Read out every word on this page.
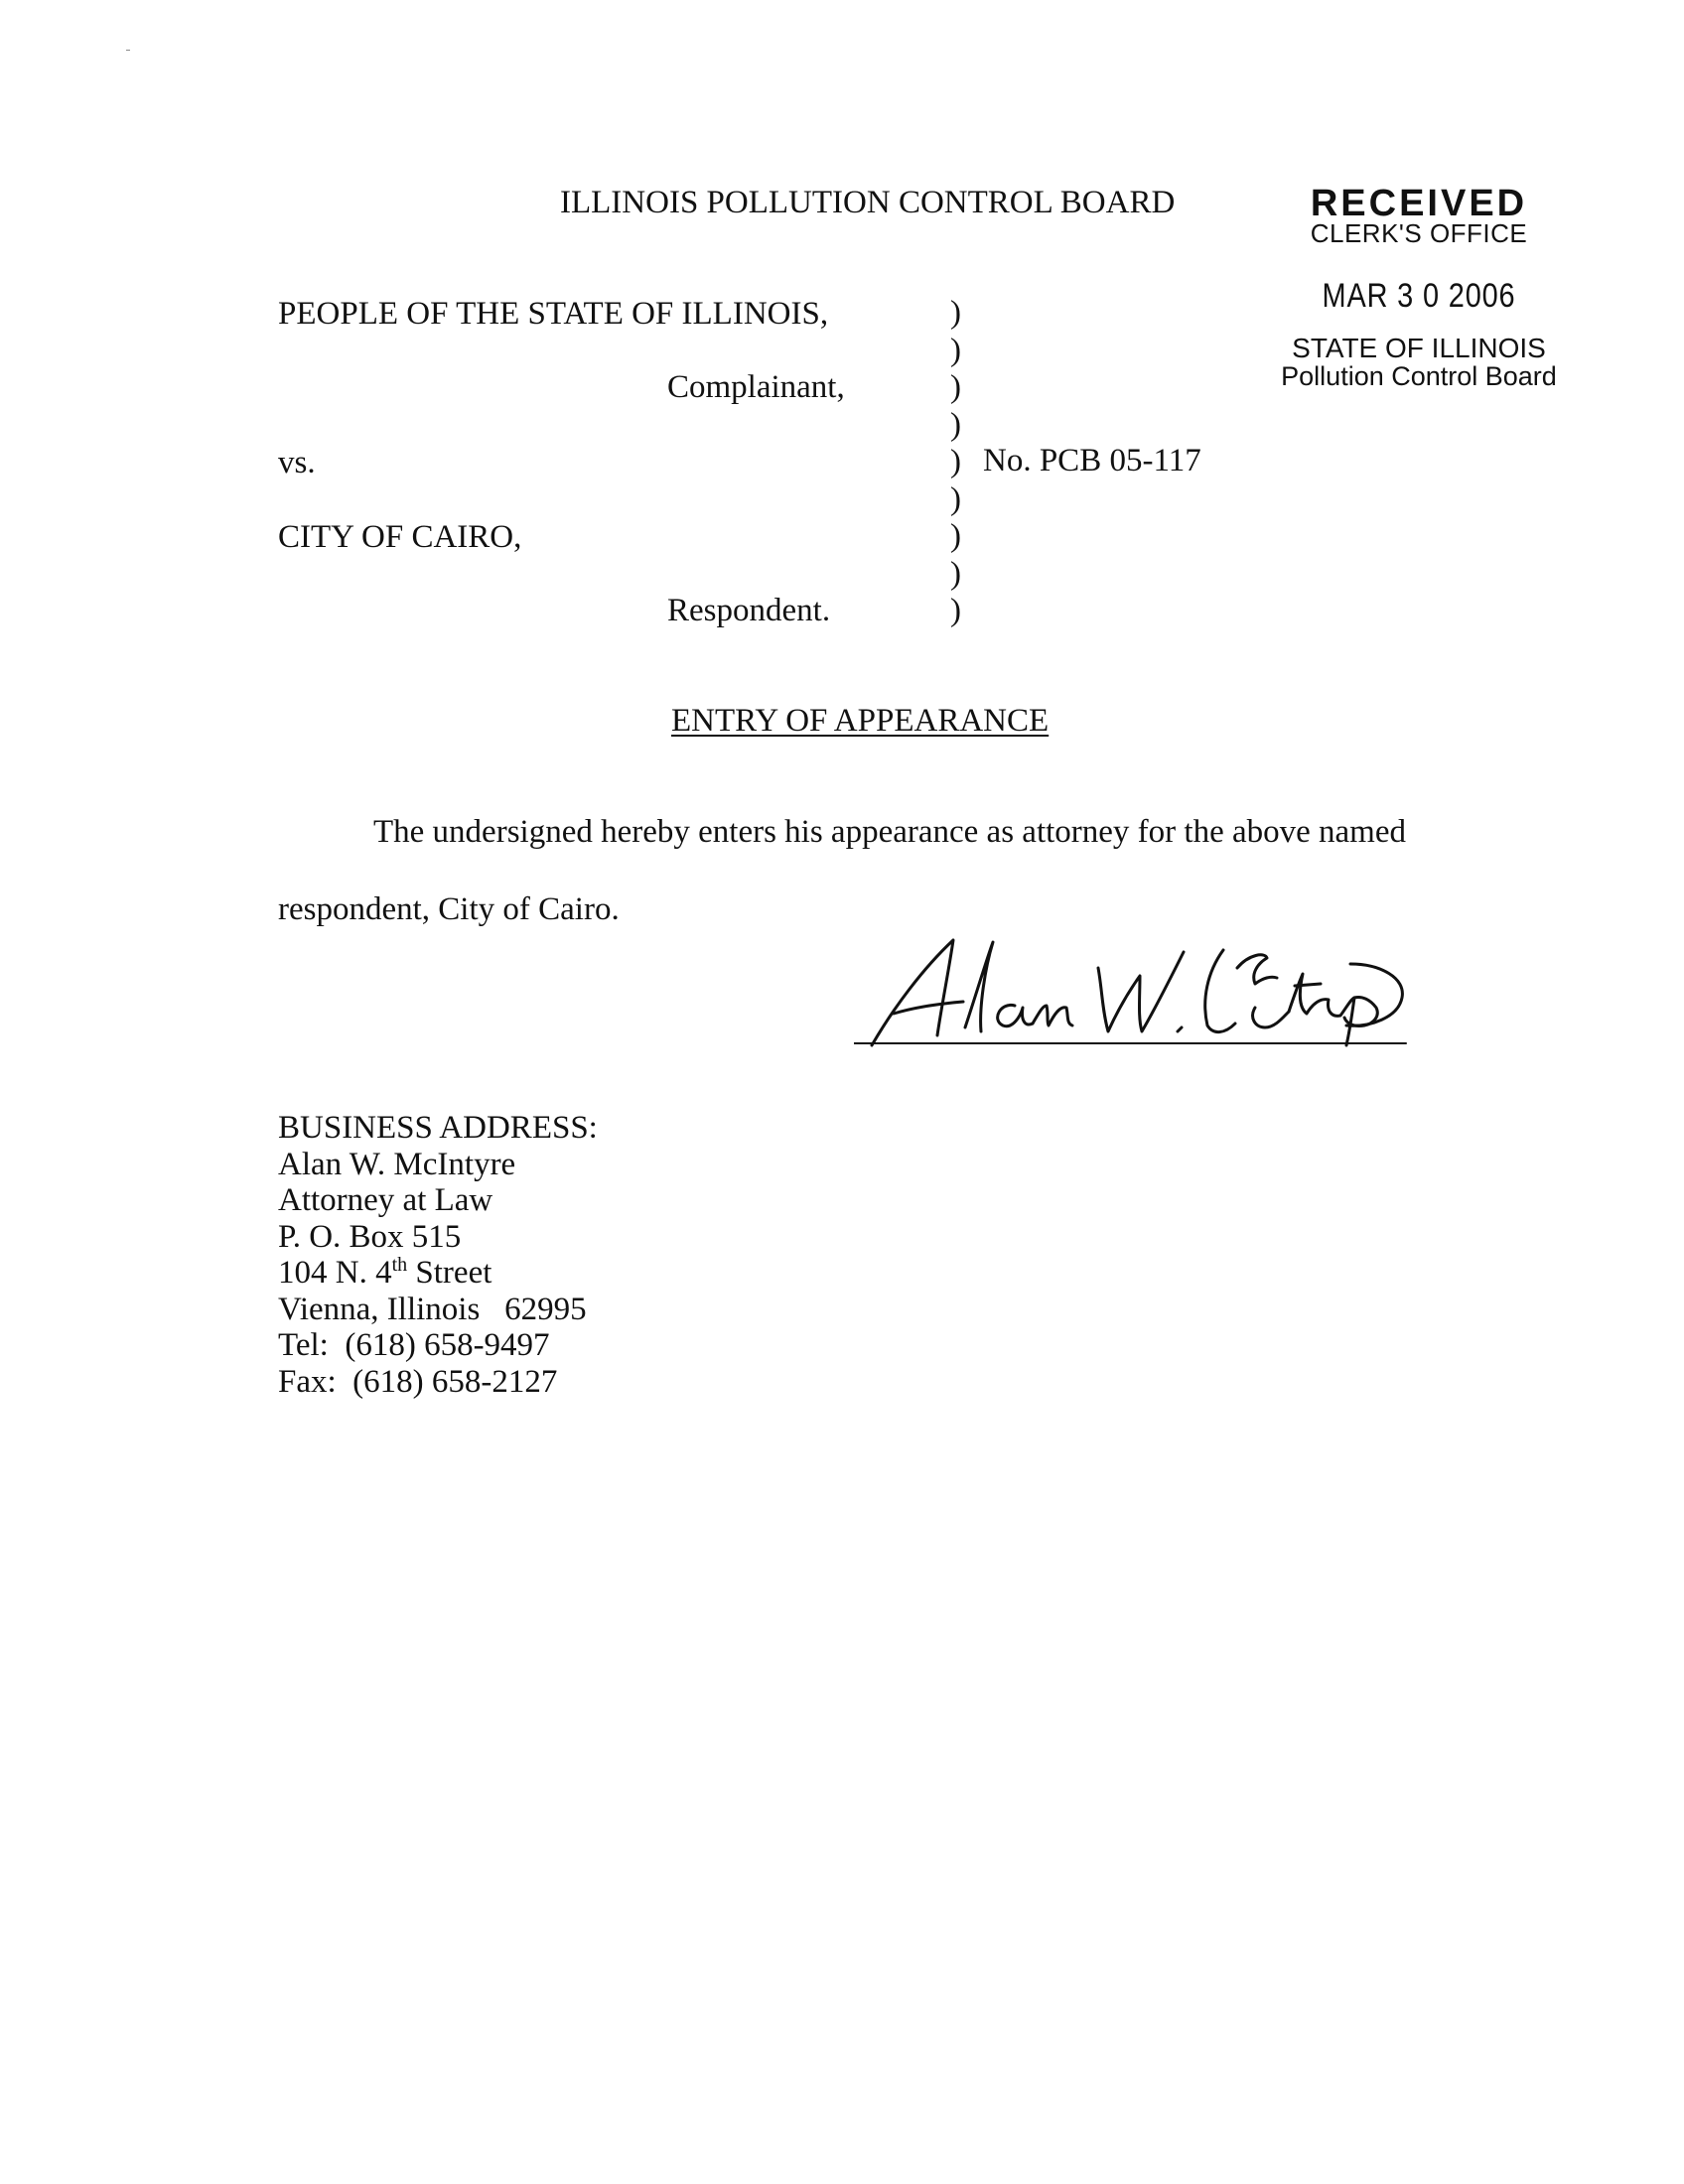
ILLINOIS POLLUTION CONTROL BOARD	RECEIVED
CLERK'S OFFICE
MAR 3 0 2006
STATE OF ILLINOIS
Pollution Control Board
PEOPLE OF THE STATE OF ILLINOIS,
Complainant,
vs.
CITY OF CAIRO,
Respondent.
)
)
)
)
)
)
)
)
)
No. PCB 05-117
ENTRY OF APPEARANCE
The undersigned hereby enters his appearance as attorney for the above named
respondent, City of Cairo.
BUSINESS ADDRESS:
Alan W. McIntyre
Attorney at Law
P. O. Box 515
104 N. 4th Street
Vienna, Illinois   62995
Tel:  (618) 658-9497
Fax:  (618) 658-2127
